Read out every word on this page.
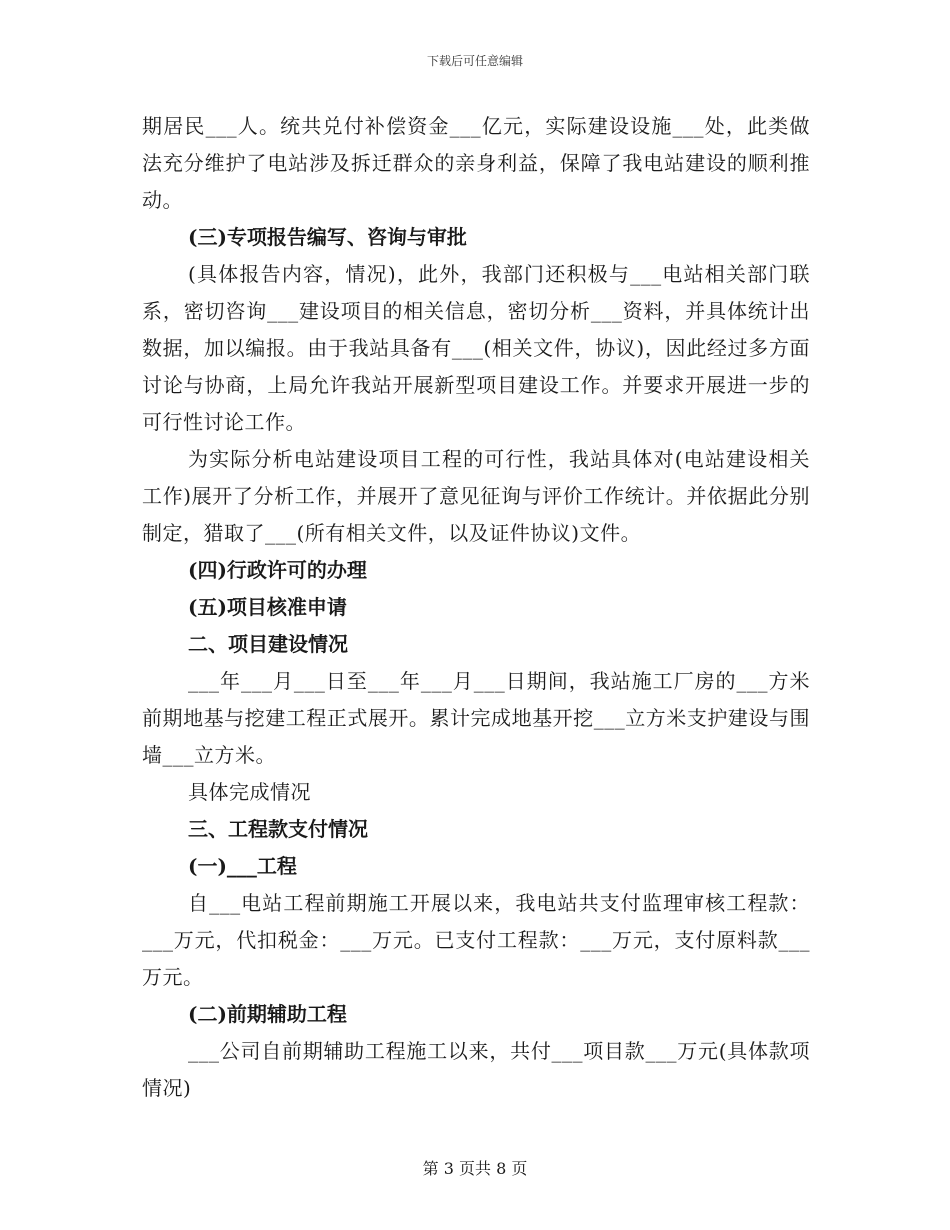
下载后可任意编辑

期居民___人。统共兑付补偿资金___亿元，实际建设设施___处，此类做法充分维护了电站涉及拆迁群众的亲身利益，保障了我电站建设的顺利推动。

(三)专项报告编写、咨询与审批

(具体报告内容，情况)，此外，我部门还积极与___电站相关部门联系，密切咨询___建设项目的相关信息，密切分析___资料，并具体统计出数据，加以编报。由于我站具备有___(相关文件，协议)，因此经过多方面讨论与协商，上局允许我站开展新型项目建设工作。并要求开展进一步的可行性讨论工作。

为实际分析电站建设项目工程的可行性，我站具体对(电站建设相关工作)展开了分析工作，并展开了意见征询与评价工作统计。并依据此分别制定，猎取了___(所有相关文件，以及证件协议)文件。

(四)行政许可的办理

(五)项目核准申请

二、项目建设情况

___年___月___日至___年___月___日期间，我站施工厂房的___方米前期地基与挖建工程正式展开。累计完成地基开挖___立方米支护建设与围墙___立方米。

具体完成情况

三、工程款支付情况

(一)___工程

自___电站工程前期施工开展以来，我电站共支付监理审核工程款：___万元，代扣税金：___万元。已支付工程款：___万元，支付原料款___万元。

(二)前期辅助工程

___公司自前期辅助工程施工以来，共付___项目款___万元(具体款项情况)

第 3 页共 8 页
